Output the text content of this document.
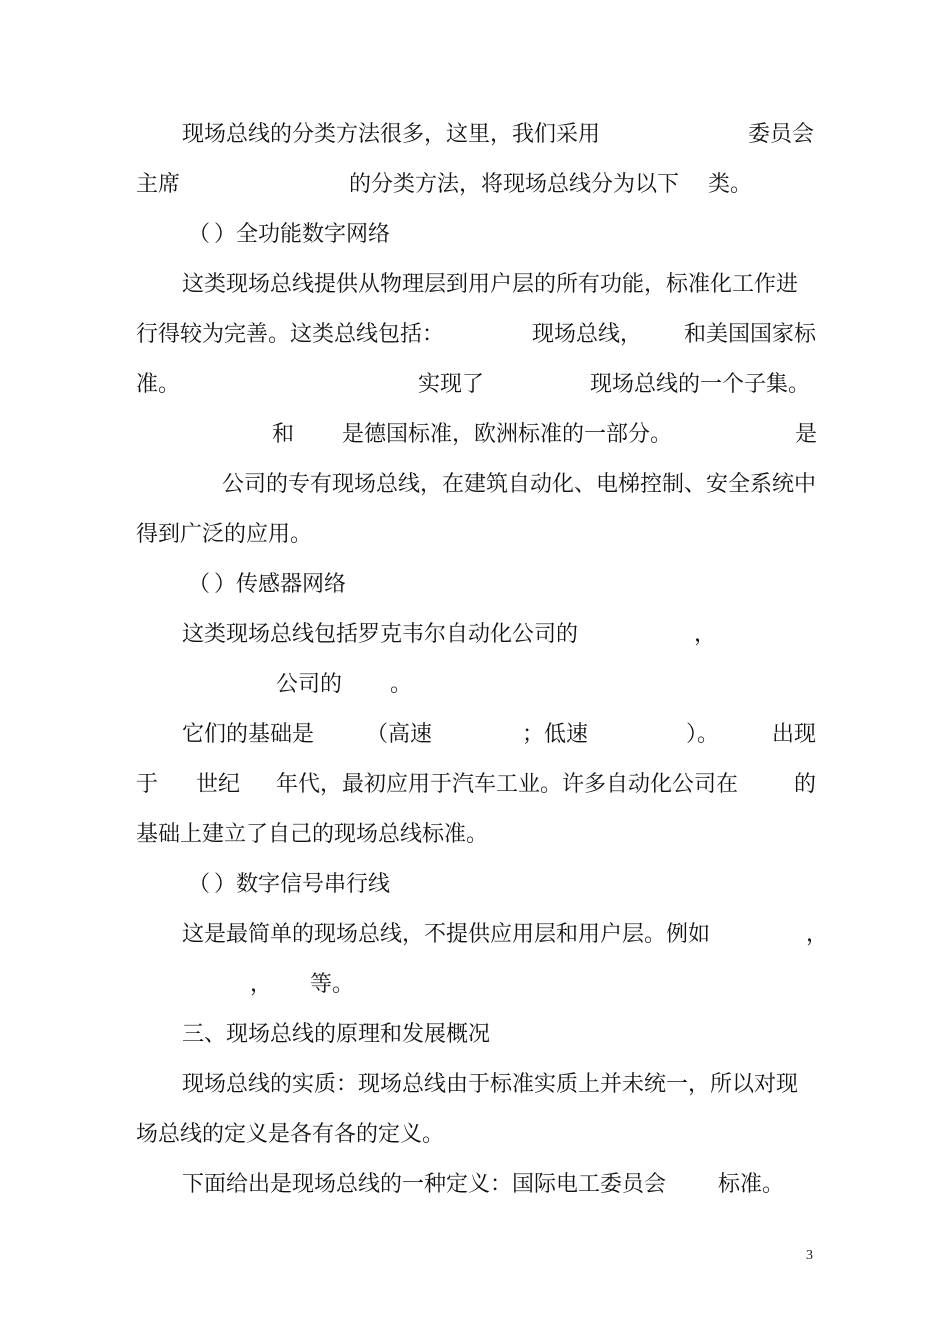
现场总线的分类方法很多，这里，我们采用	委员会
主席	的分类方法，将现场总线分为以下 类。
（ ）全功能数字网络
这类现场总线提供从物理层到用户层的所有功能，标准化工作进
行得较为完善。这类总线包括：	现场总线， 和美国国家标
准。	实现了	现场总线的一个子集。
和 是德国标准，欧洲标准的一部分。	是
公司的专有现场总线，在建筑自动化、电梯控制、安全系统中
得到广泛的应用。
（ ）传感器网络
这类现场总线包括罗克韦尔自动化公司的	，
公司的 。
它们的基础是 （高速	；低速	）。 出现
于 世纪 年代，最初应用于汽车工业。许多自动化公司在	的
基础上建立了自己的现场总线标准。
（ ）数字信号串行线
这是最简单的现场总线，不提供应用层和用户层。例如	，
， 等。
三、现场总线的原理和发展概况
现场总线的实质：现场总线由于标准实质上并未统一，所以对现
场总线的定义是各有各的定义。
下面给出是现场总线的一种定义：国际电工委员会 标准。
3
